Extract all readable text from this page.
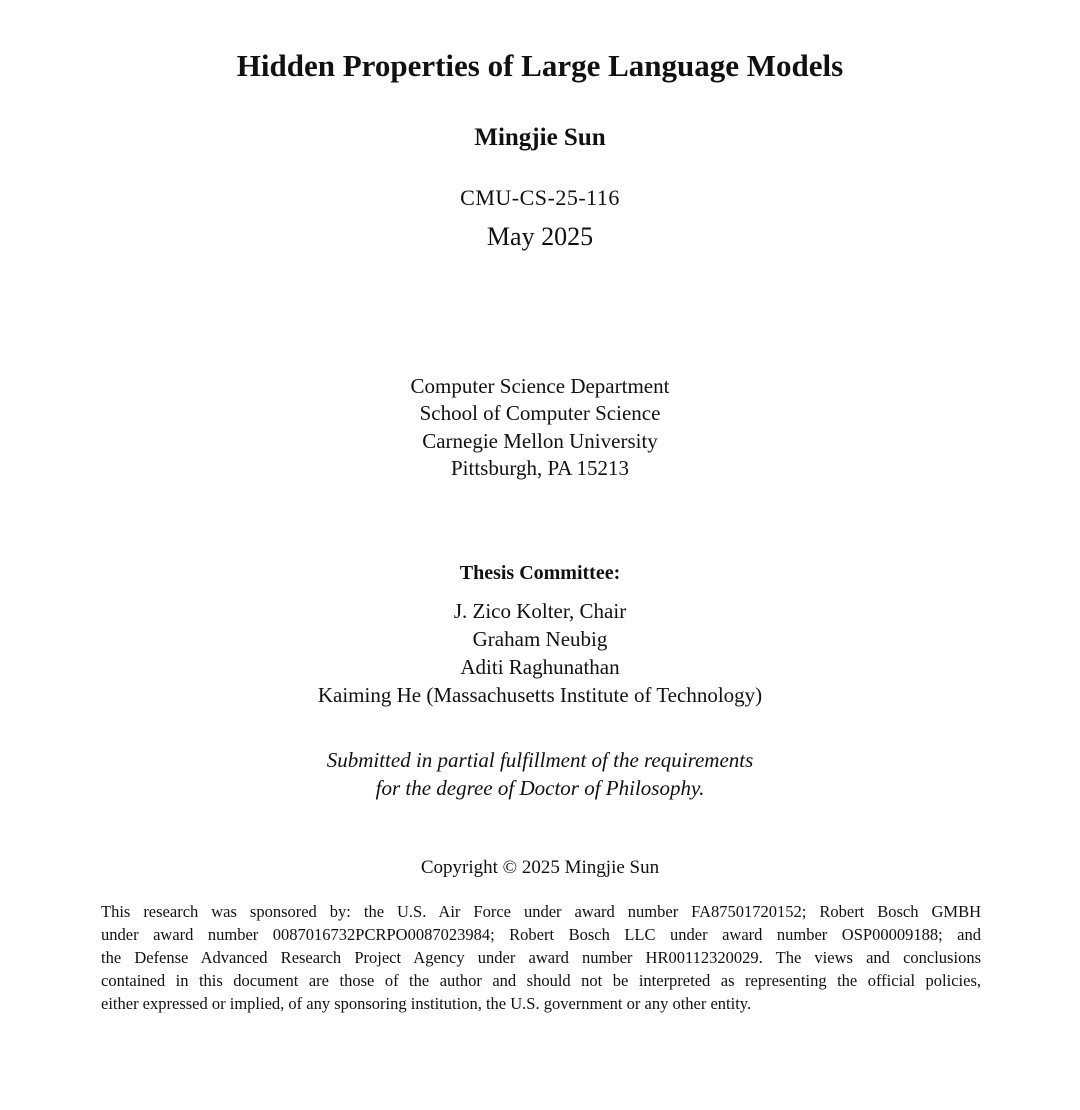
Hidden Properties of Large Language Models
Mingjie Sun
CMU-CS-25-116
May 2025
Computer Science Department
School of Computer Science
Carnegie Mellon University
Pittsburgh, PA 15213
Thesis Committee:
J. Zico Kolter, Chair
Graham Neubig
Aditi Raghunathan
Kaiming He (Massachusetts Institute of Technology)
Submitted in partial fulfillment of the requirements
for the degree of Doctor of Philosophy.
Copyright © 2025 Mingjie Sun
This research was sponsored by: the U.S. Air Force under award number FA87501720152; Robert Bosch GMBH
under award number 0087016732PCRPO0087023984; Robert Bosch LLC under award number OSP00009188; and
the Defense Advanced Research Project Agency under award number HR00112320029. The views and conclusions
contained in this document are those of the author and should not be interpreted as representing the official policies,
either expressed or implied, of any sponsoring institution, the U.S. government or any other entity.
